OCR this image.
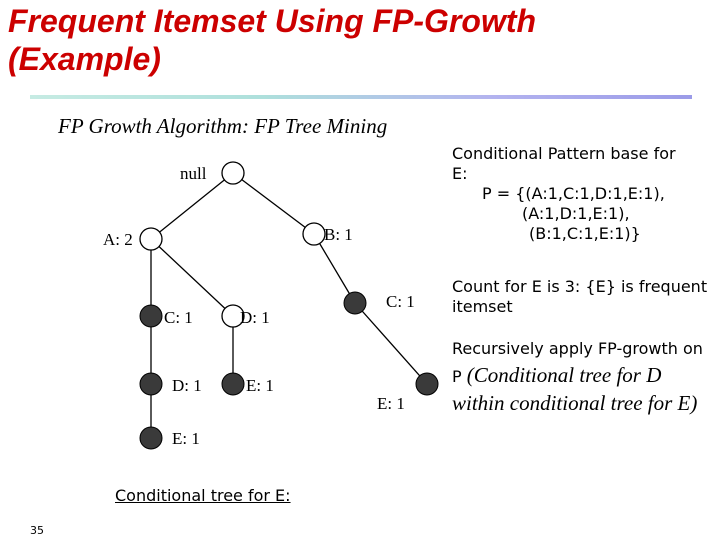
Frequent Itemset Using FP-Growth
(Example)
FP Growth Algorithm: FP Tree Mining
null
A: 2	B: 1
C: 1	D: 1
C: 1
D: 1	E: 1
E: 1
E: 1
Conditional tree for E:
35
Conditional Pattern base for
E:
P = {(A:1,C:1,D:1,E:1),
(A:1,D:1,E:1),
(B:1,C:1,E:1)}
Count for E is 3: {E} is frequent itemset
Recursively apply FP-growth on P (Conditional tree for D within conditional tree for E)
